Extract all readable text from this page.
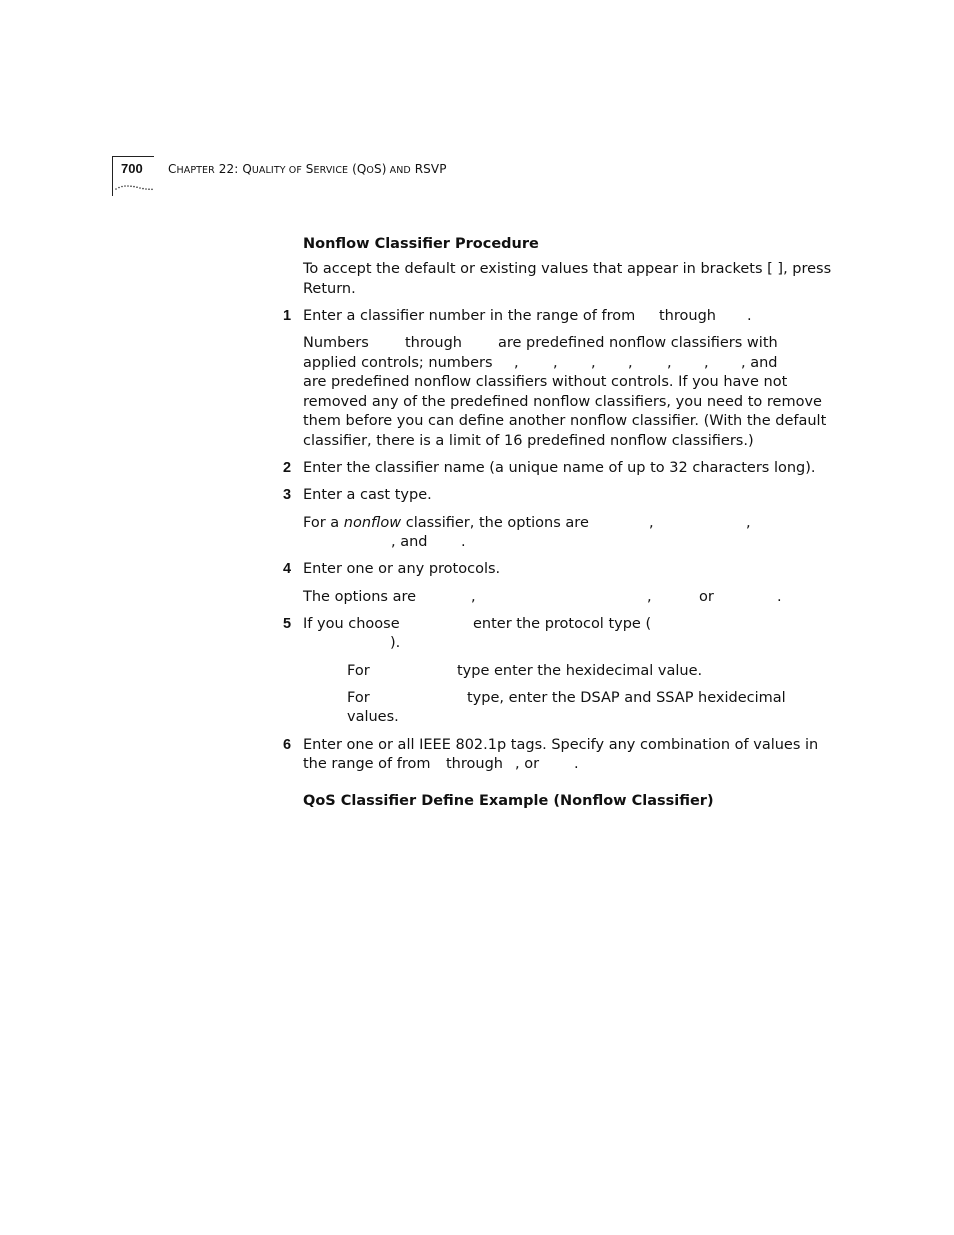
700 CHAPTER 22: QUALITY OF SERVICE (QOS) AND RSVP
Nonflow Classifier Procedure
To accept the default or existing values that appear in brackets [ ], press
Return.
1 Enter a classifier number in the range of from through .
Numbers through are predefined nonflow classifiers with
applied controls; numbers , , , , , , , and
are predefined nonflow classifiers without controls. If you have not
removed any of the predefined nonflow classifiers, you need to remove
them before you can define another nonflow classifier. (With the default
classifier, there is a limit of 16 predefined nonflow classifiers.)
2 Enter the classifier name (a unique name of up to 32 characters long).
3 Enter a cast type.
For a nonflow classifier, the options are	,	,
, and .
4 Enter one or any protocols.
The options are	,	,	or	.
5 If you choose	enter the protocol type (
).
For	type enter the hexidecimal value.
For	type, enter the DSAP and SSAP hexidecimal
values.
6 Enter one or all IEEE 802.1p tags. Specify any combination of values in
the range of from through , or .
QoS Classifier Define Example (Nonflow Classifier)
